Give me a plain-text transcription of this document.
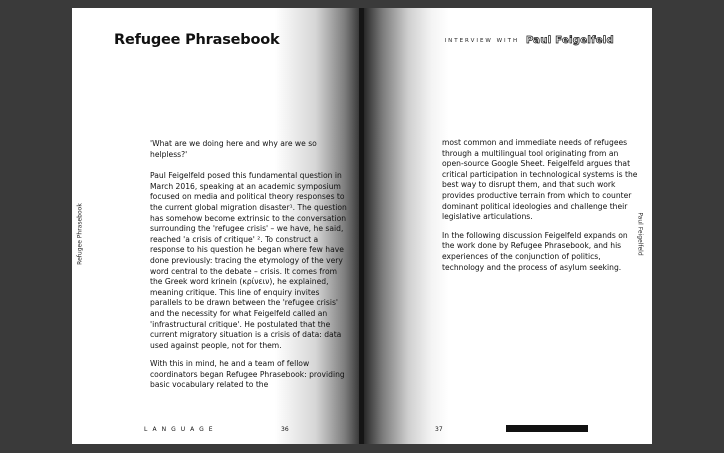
Refugee Phrasebook
Refugee Phrasebook

'What are we doing here and why are we so helpless?'

Paul Feigelfeld posed this fundamental question in March 2016, speaking at an academic symposium focused on media and political theory responses to the current global migration disaster¹. The question has somehow become extrinsic to the conversation surrounding the 'refugee crisis' – we have, he said, reached 'a crisis of critique' ². To construct a response to his question he began where few have done previously: tracing the etymology of the very word central to the debate – crisis. It comes from the Greek word krinein (κρίνειν), he explained, meaning critique. This line of enquiry invites parallels to be drawn between the 'refugee crisis' and the necessity for what Feigelfeld called an 'infrastructural critique'. He postulated that the current migratory situation is a crisis of data: data used against people, not for them.

With this in mind, he and a team of fellow coordinators began Refugee Phrasebook: providing basic vocabulary related to the

LANGUAGE	36
INTERVIEW WITH Paul Feigelfeld
Paul Feigelfeld

most common and immediate needs of refugees through a multilingual tool originating from an open-source Google Sheet. Feigelfeld argues that critical participation in technological systems is the best way to disrupt them, and that such work provides productive terrain from which to counter dominant political ideologies and challenge their legislative articulations.

In the following discussion Feigelfeld expands on the work done by Refugee Phrasebook, and his experiences of the conjunction of politics, technology and the process of asylum seeking.

37
